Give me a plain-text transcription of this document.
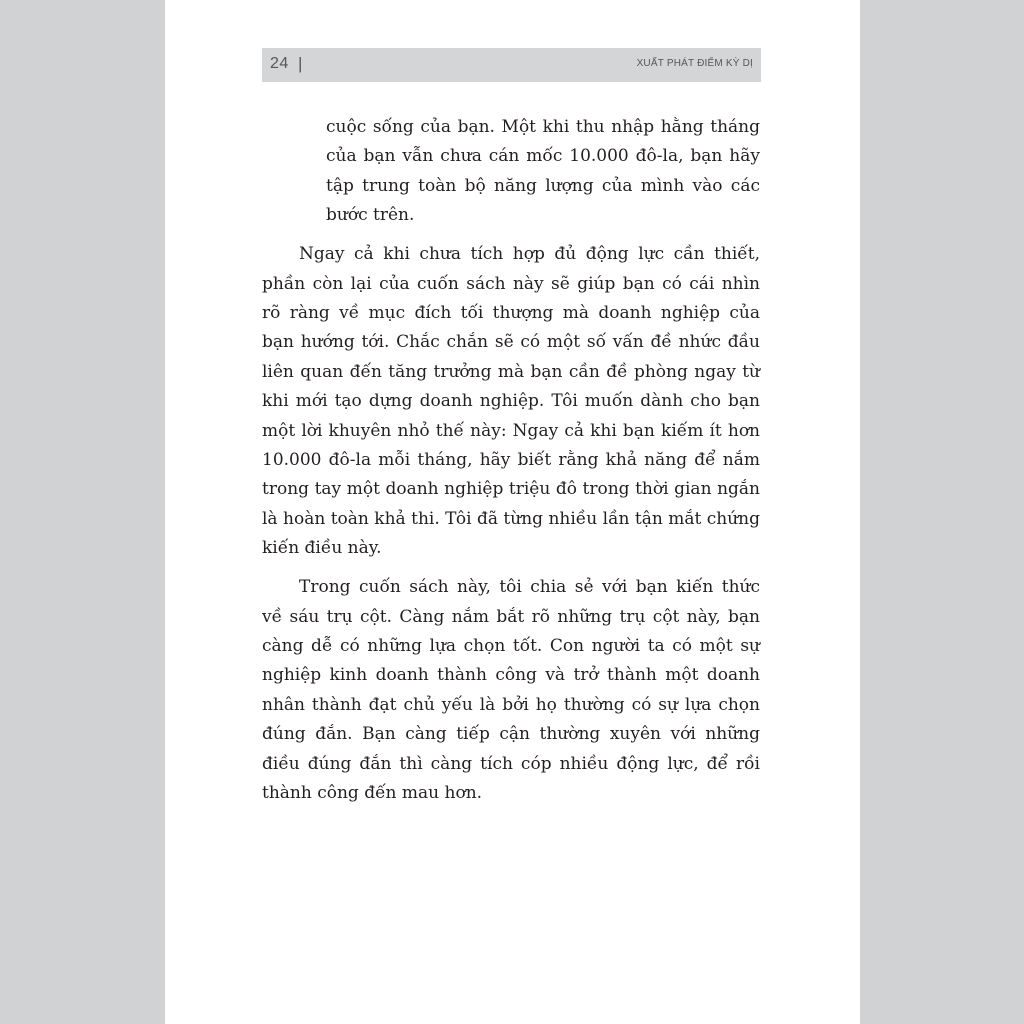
24 |	XUẤT PHÁT ĐIỂM KỲ DỊ

cuộc sống của bạn. Một khi thu nhập hằng tháng
của bạn vẫn chưa cán mốc 10.000 đô-la, bạn hãy
tập trung toàn bộ năng lượng của mình vào các
bước trên.

Ngay cả khi chưa tích hợp đủ động lực cần thiết,
phần còn lại của cuốn sách này sẽ giúp bạn có cái nhìn
rõ ràng về mục đích tối thượng mà doanh nghiệp của
bạn hướng tới. Chắc chắn sẽ có một số vấn đề nhức đầu
liên quan đến tăng trưởng mà bạn cần đề phòng ngay từ
khi mới tạo dựng doanh nghiệp. Tôi muốn dành cho bạn
một lời khuyên nhỏ thế này: Ngay cả khi bạn kiếm ít hơn
10.000 đô-la mỗi tháng, hãy biết rằng khả năng để nắm
trong tay một doanh nghiệp triệu đô trong thời gian ngắn
là hoàn toàn khả thi. Tôi đã từng nhiều lần tận mắt chứng
kiến điều này.

Trong cuốn sách này, tôi chia sẻ với bạn kiến thức
về sáu trụ cột. Càng nắm bắt rõ những trụ cột này, bạn
càng dễ có những lựa chọn tốt. Con người ta có một sự
nghiệp kinh doanh thành công và trở thành một doanh
nhân thành đạt chủ yếu là bởi họ thường có sự lựa chọn
đúng đắn. Bạn càng tiếp cận thường xuyên với những
điều đúng đắn thì càng tích cóp nhiều động lực, để rồi
thành công đến mau hơn.
